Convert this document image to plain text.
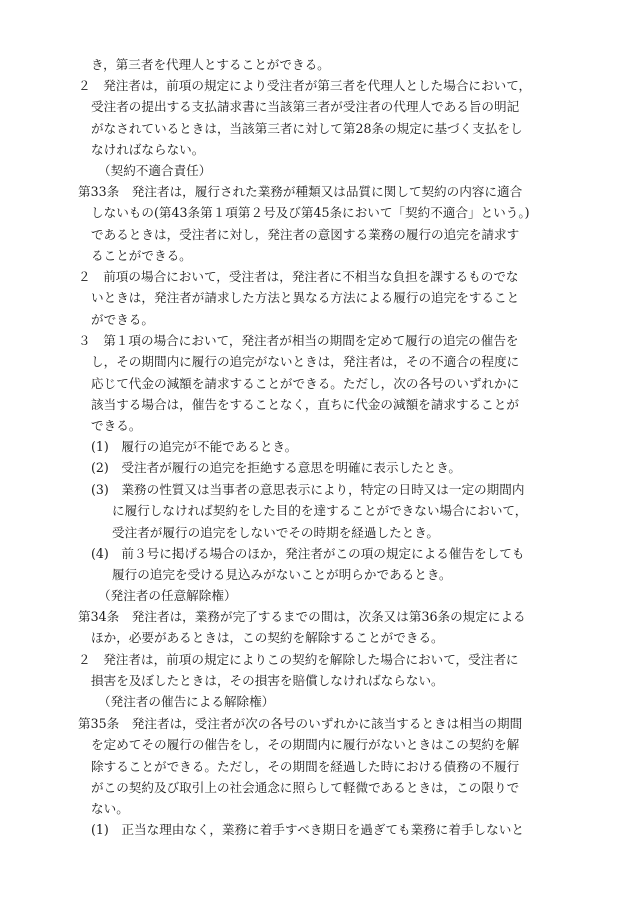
き，第三者を代理人とすることができる。
２　発注者は，前項の規定により受注者が第三者を代理人とした場合において，
受注者の提出する支払請求書に当該第三者が受注者の代理人である旨の明記
がなされているときは，当該第三者に対して第28条の規定に基づく支払をし
なければならない。
（契約不適合責任）
第33条　発注者は，履行された業務が種類又は品質に関して契約の内容に適合
しないもの(第43条第１項第２号及び第45条において「契約不適合」という。)
であるときは，受注者に対し，発注者の意図する業務の履行の追完を請求す
ることができる。
２　前項の場合において，受注者は，発注者に不相当な負担を課するものでな
いときは，発注者が請求した方法と異なる方法による履行の追完をすること
ができる。
３　第１項の場合において，発注者が相当の期間を定めて履行の追完の催告を
し，その期間内に履行の追完がないときは，発注者は，その不適合の程度に
応じて代金の減額を請求することができる。ただし，次の各号のいずれかに
該当する場合は，催告をすることなく，直ちに代金の減額を請求することが
できる。
(1)　履行の追完が不能であるとき。
(2)　受注者が履行の追完を拒絶する意思を明確に表示したとき。
(3)　業務の性質又は当事者の意思表示により，特定の日時又は一定の期間内
に履行しなければ契約をした目的を達することができない場合において，
受注者が履行の追完をしないでその時期を経過したとき。
(4)　前３号に掲げる場合のほか，発注者がこの項の規定による催告をしても
履行の追完を受ける見込みがないことが明らかであるとき。
（発注者の任意解除権）
第34条　発注者は，業務が完了するまでの間は，次条又は第36条の規定による
ほか，必要があるときは，この契約を解除することができる。
２　発注者は，前項の規定によりこの契約を解除した場合において，受注者に
損害を及ぼしたときは，その損害を賠償しなければならない。
（発注者の催告による解除権）
第35条　発注者は，受注者が次の各号のいずれかに該当するときは相当の期間
を定めてその履行の催告をし，その期間内に履行がないときはこの契約を解
除することができる。ただし，その期間を経過した時における債務の不履行
がこの契約及び取引上の社会通念に照らして軽微であるときは，この限りで
ない。
(1)　正当な理由なく，業務に着手すべき期日を過ぎても業務に着手しないと
